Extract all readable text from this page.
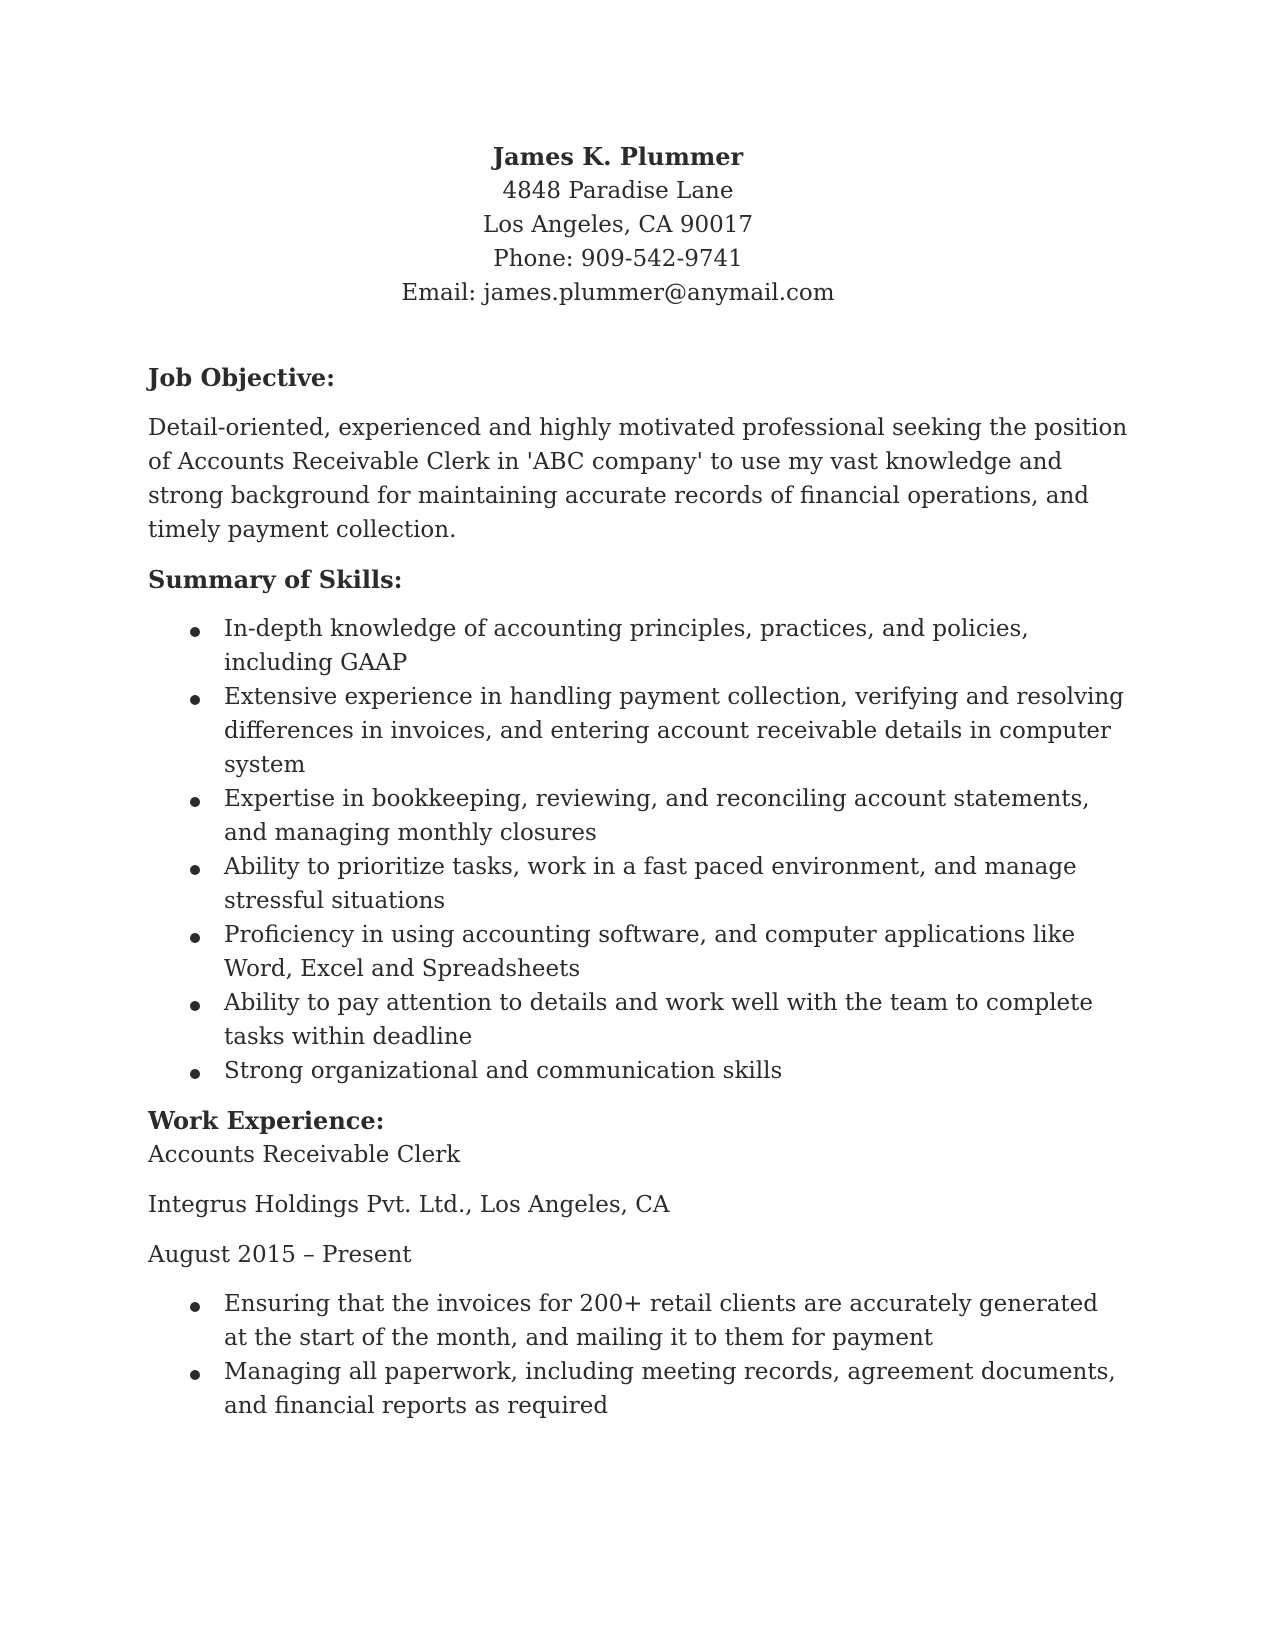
James K. Plummer
4848 Paradise Lane
Los Angeles, CA 90017
Phone: 909-542-9741
Email: james.plummer@anymail.com
Job Objective:

Detail-oriented, experienced and highly motivated professional seeking the position of Accounts Receivable Clerk in 'ABC company' to use my vast knowledge and strong background for maintaining accurate records of financial operations, and timely payment collection.

Summary of Skills:
In-depth knowledge of accounting principles, practices, and policies, including GAAP
Extensive experience in handling payment collection, verifying and resolving differences in invoices, and entering account receivable details in computer system
Expertise in bookkeeping, reviewing, and reconciling account statements, and managing monthly closures
Ability to prioritize tasks, work in a fast paced environment, and manage stressful situations
Proficiency in using accounting software, and computer applications like Word, Excel and Spreadsheets
Ability to pay attention to details and work well with the team to complete tasks within deadline
Strong organizational and communication skills
Work Experience:

Accounts Receivable Clerk

Integrus Holdings Pvt. Ltd., Los Angeles, CA

August 2015 – Present

Ensuring that the invoices for 200+ retail clients are accurately generated at the start of the month, and mailing it to them for payment
Managing all paperwork, including meeting records, agreement documents, and financial reports as required
